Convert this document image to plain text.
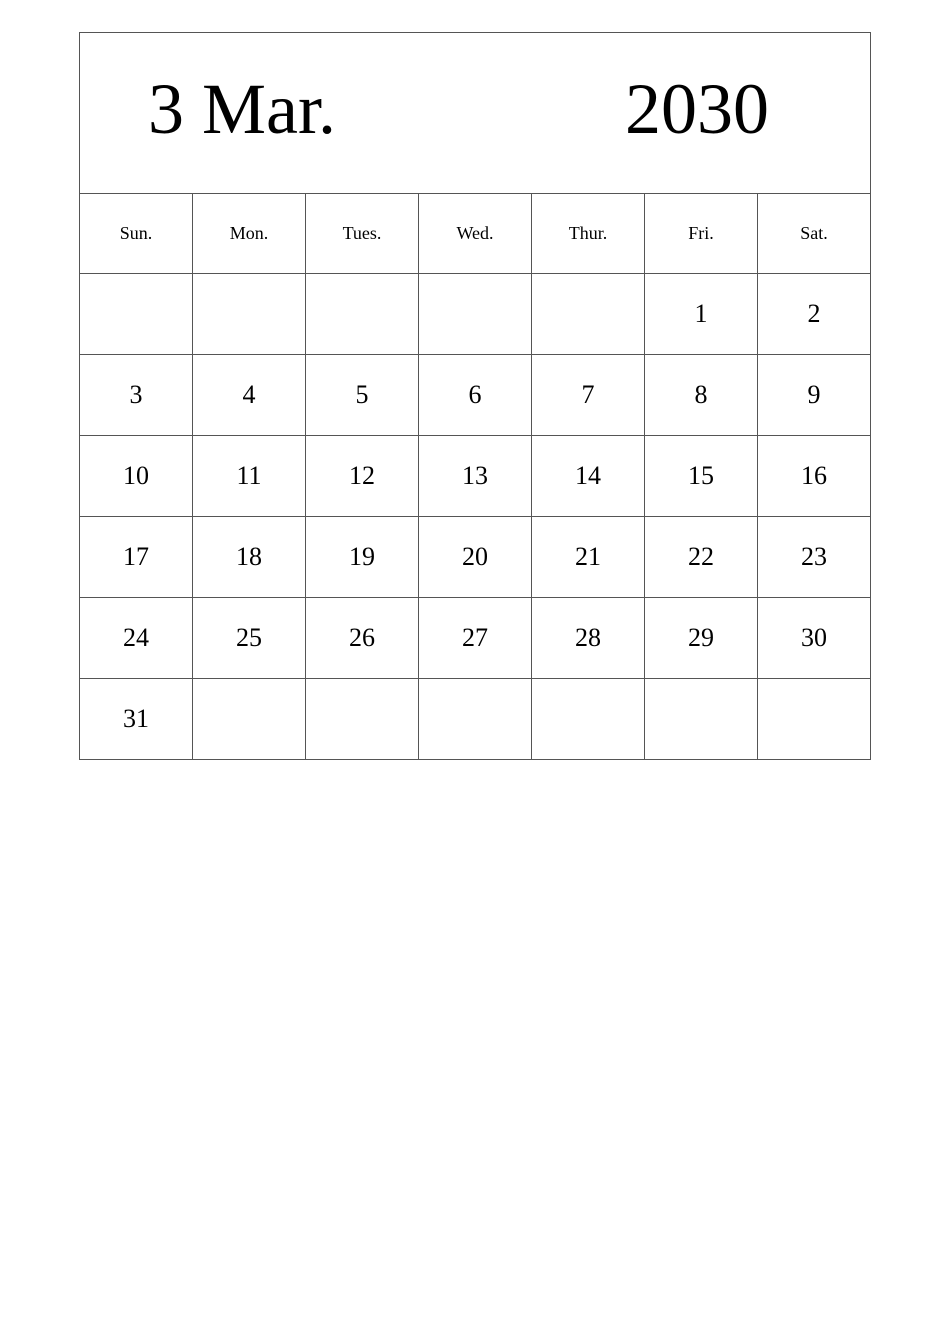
3 Mar. 2030						

Sun.	Mon.	Tues.	Wed.	Thur.	Fri.	Sat.
					1	2
3	4	5	6	7	8	9
10	11	12	13	14	15	16
17	18	19	20	21	22	23
24	25	26	27	28	29	30
31						
